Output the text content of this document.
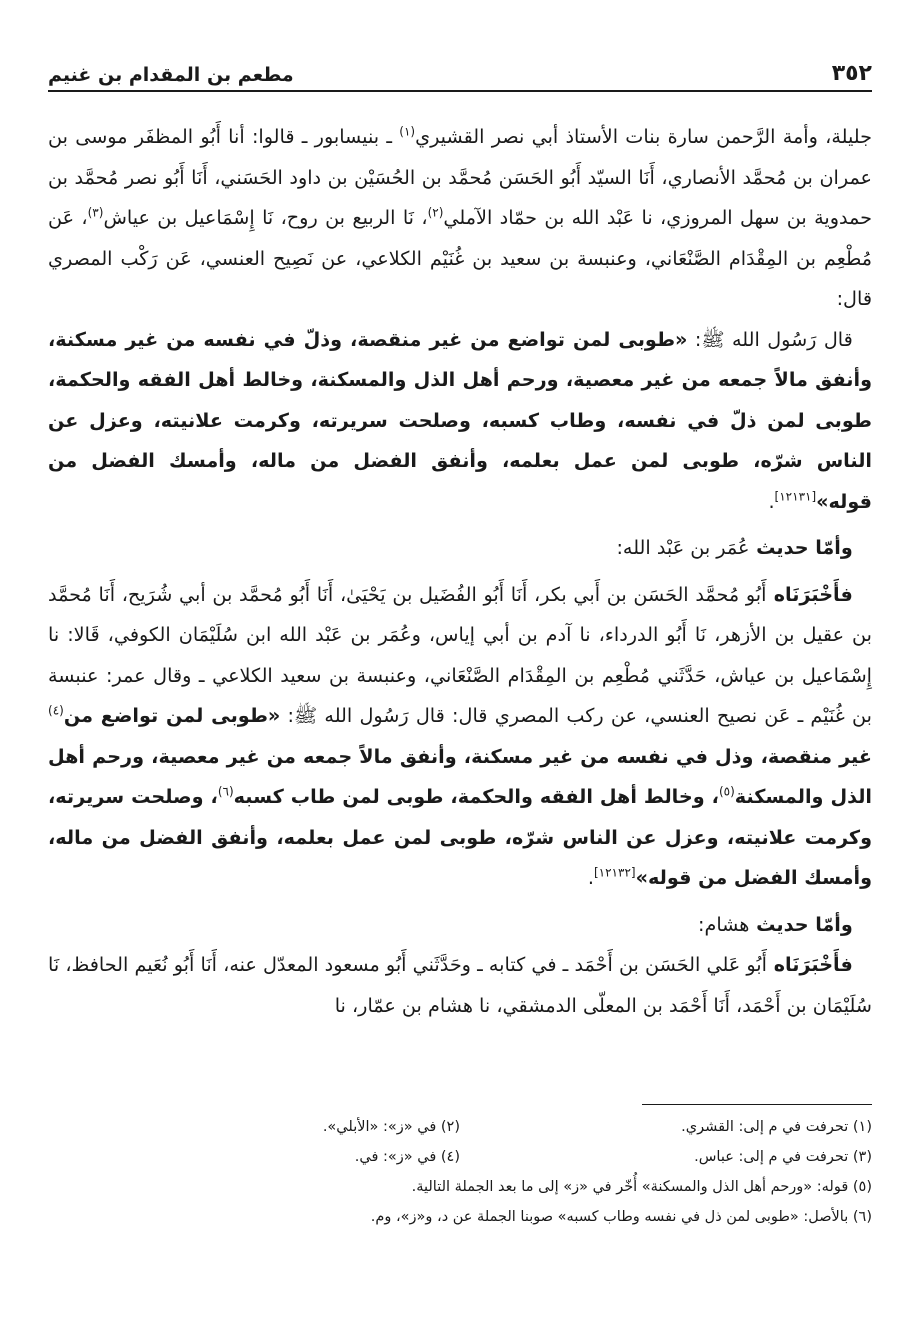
٣٥٢
مطعم بن المقدام بن غنيم

جليلة، وأمة الرَّحمن سارة بنات الأستاذ أبي نصر القشيري$^{(١)}$ ـ بنيسابور ـ قالوا: أنا أَبُو المظفَر موسى بن عمران بن مُحمَّد الأنصاري، أَنَا السيّد أَبُو الحَسَن مُحمَّد بن الحُسَيْن بن داود الحَسَني، أَنَا أَبُو نصر مُحمَّد بن حمدوية بن سهل المروزي، نا عَبْد الله بن حمّاد الآملي$^{(٢)}$، نَا الربيع بن روح، نَا إِسْمَاعيل بن عياش$^{(٣)}$، عَن مُطْعِم بن المِقْدَام الصَّنْعَاني، وعنبسة بن سعيد بن غُنَيْم الكلاعي، عن نَصِيح العنسي، عَن رَكْب المصري قال:

 قال رَسُول الله ﷺ: «طوبى لمن تواضع من غير منقصة، وذلّ في نفسه من غير مسكنة، وأنفق مالاً جمعه من غير معصية، ورحم أهل الذل والمسكنة، وخالط أهل الفقه والحكمة، طوبى لمن ذلّ في نفسه، وطاب كسبه، وصلحت سريرته، وكرمت علانيته، وعزل عن الناس شرّه، طوبى لمن عمل بعلمه، وأنفق الفضل من ماله، وأمسك الفضل من قوله»[١٢١٣١].

 وأمّا حديث عُمَر بن عَبْد الله:

 فأَخْبَرَنَاه أَبُو مُحمَّد الحَسَن بن أَبي بكر، أَنَا أَبُو الفُضَيل بن يَحْيَىٰ، أَنَا أَبُو مُحمَّد بن أبي شُرَيح، أَنَا مُحمَّد بن عقيل بن الأزهر، نَا أَبُو الدرداء، نا آدم بن أبي إياس، وعُمَر بن عَبْد الله ابن سُلَيْمَان الكوفي، قَالا: نا إِسْمَاعيل بن عياش، حَدَّثَني مُطْعِم بن المِقْدَام الصَّنْعَاني، وعنبسة بن سعيد الكلاعي ـ وقال عمر: عنبسة بن غُنَيْم ـ عَن نصيح العنسي، عن ركب المصري قال: قال رَسُول الله ﷺ: «طوبى لمن تواضع من$^{(٤)}$ غير منقصة، وذل في نفسه من غير مسكنة، وأنفق مالاً جمعه من غير معصية، ورحم أهل الذل والمسكنة$^{(٥)}$، وخالط أهل الفقه والحكمة، طوبى لمن طاب كسبه$^{(٦)}$، وصلحت سريرته، وكرمت علانيته، وعزل عن الناس شرّه، طوبى لمن عمل بعلمه، وأنفق الفضل من ماله، وأمسك الفضل من قوله»[١٢١٣٢].

 وأمّا حديث هشام:

 فأَخْبَرَنَاه أَبُو عَلي الحَسَن بن أَحْمَد ـ في كتابه ـ وحَدَّثَني أَبُو مسعود المعدّل عنه، أَنَا أَبُو نُعَيم الحافظ، نَا سُلَيْمَان بن أَحْمَد، أَنَا أَحْمَد بن المعلّى الدمشقي، نا هشام بن عمّار، نا

(١) تحرفت في م إلى: القشري.
(٢) في «ز»: «الأبلي».
(٣) تحرفت في م إلى: عباس.
(٤) في «ز»: في.
(٥) قوله: «ورحم أهل الذل والمسكنة» أُخّر في «ز» إلى ما بعد الجملة التالية.
(٦) بالأصل: «طوبى لمن ذل في نفسه وطاب كسبه» صوبنا الجملة عن د، و«ز»، وم.
